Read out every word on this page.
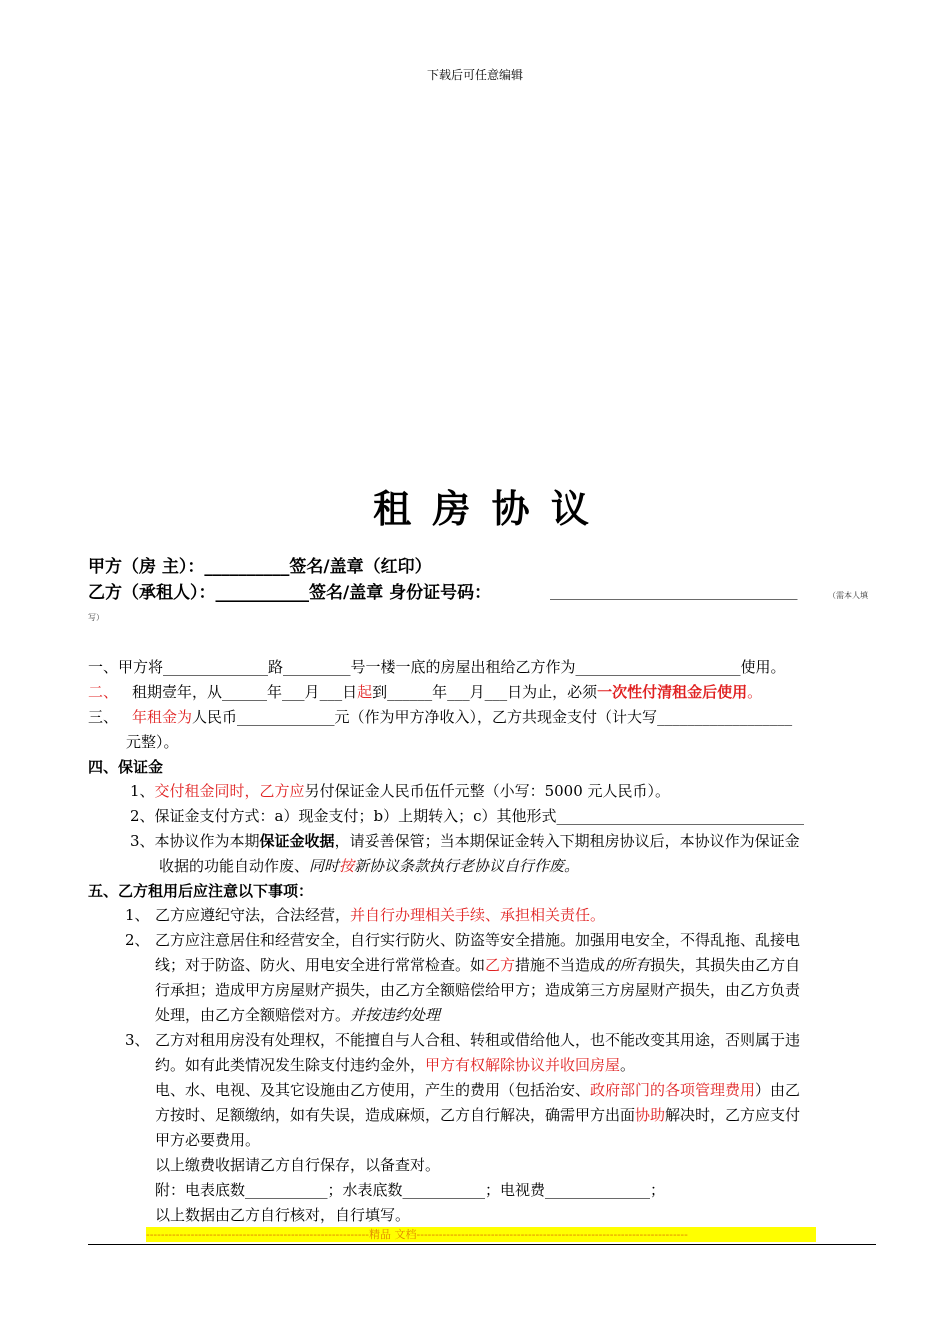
下载后可任意编辑
租 房 协 议
甲方（房 主）：__________签名/盖章（红印）
乙方（承租人）：___________签名/盖章 身份证号码：	_________________________________	（需本人填
写）
一、甲方将______________路_________号一楼一底的房屋出租给乙方作为______________________使用。
二、 租期壹年，从______年___月___日起到______年___月___日为止，必须一次性付清租金后使用。
三、 年租金为人民币_____________元（作为甲方净收入），乙方共现金支付（计大写__________________
元整）。
四、保证金
1、交付租金同时，乙方应另付保证金人民币伍仟元整（小写：5000 元人民币）。
2、保证金支付方式：a）现金支付；b）上期转入；c）其他形式_________________________________
3、本协议作为本期保证金收据，请妥善保管；当本期保证金转入下期租房协议后，本协议作为保证金
收据的功能自动作废、同时按新协议条款执行老协议自行作废。
五、乙方租用后应注意以下事项：
1、 乙方应遵纪守法，合法经营，并自行办理相关手续、承担相关责任。
2、 乙方应注意居住和经营安全，自行实行防火、防盗等安全措施。加强用电安全，不得乱拖、乱接电
线；对于防盗、防火、用电安全进行常常检查。如乙方措施不当造成的所有损失，其损失由乙方自
行承担；造成甲方房屋财产损失，由乙方全额赔偿给甲方；造成第三方房屋财产损失，由乙方负责
处理，由乙方全额赔偿对方。并按违约处理
3、 乙方对租用房没有处理权，不能擅自与人合租、转租或借给他人，也不能改变其用途，否则属于违
约。如有此类情况发生除支付违约金外，甲方有权解除协议并收回房屋。
电、水、电视、及其它设施由乙方使用，产生的费用（包括治安、政府部门的各项管理费用）由乙
方按时、足额缴纳，如有失误，造成麻烦，乙方自行解决，确需甲方出面协助解决时，乙方应支付
甲方必要费用。
以上缴费收据请乙方自行保存，以备查对。
附：电表底数___________；水表底数___________；电视费______________；
以上数据由乙方自行核对，自行填写。
------------------------------------------------------------精品 文档-------------------------------------------------------------------------
